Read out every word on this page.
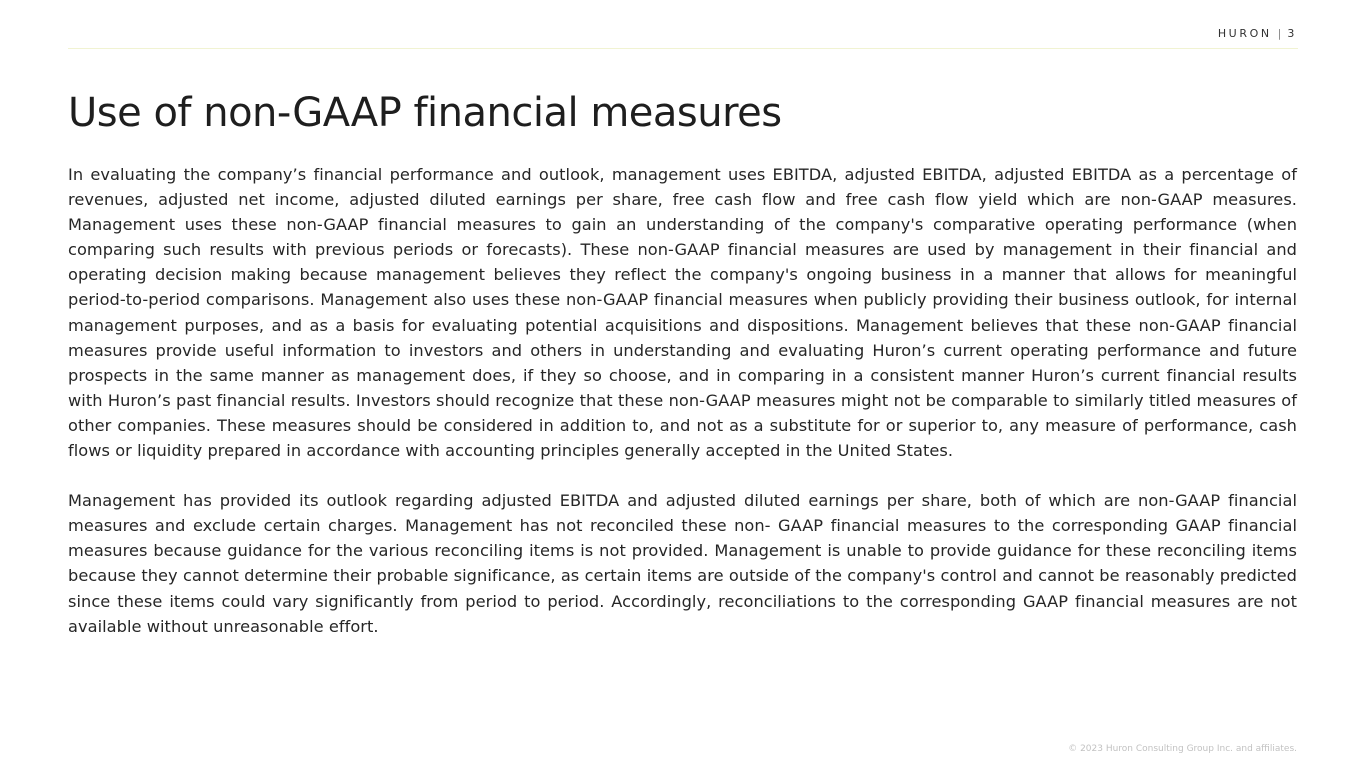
HURON | 3
Use of non-GAAP financial measures

In evaluating the company’s financial performance and outlook, management uses EBITDA, adjusted EBITDA, adjusted EBITDA as a percentage of revenues, adjusted net income, adjusted diluted earnings per share, free cash flow and free cash flow yield which are non-GAAP measures. Management uses these non-GAAP financial measures to gain an understanding of the company's comparative operating performance (when comparing such results with previous periods or forecasts). These non-GAAP financial measures are used by management in their financial and operating decision making because management believes they reflect the company's ongoing business in a manner that allows for meaningful period-to-period comparisons. Management also uses these non-GAAP financial measures when publicly providing their business outlook, for internal management purposes, and as a basis for evaluating potential acquisitions and dispositions. Management believes that these non-GAAP financial measures provide useful information to investors and others in understanding and evaluating Huron’s current operating performance and future prospects in the same manner as management does, if they so choose, and in comparing in a consistent manner Huron’s current financial results with Huron’s past financial results. Investors should recognize that these non-GAAP measures might not be comparable to similarly titled measures of other companies. These measures should be considered in addition to, and not as a substitute for or superior to, any measure of performance, cash flows or liquidity prepared in accordance with accounting principles generally accepted in the United States.

Management has provided its outlook regarding adjusted EBITDA and adjusted diluted earnings per share, both of which are non-GAAP financial measures and exclude certain charges. Management has not reconciled these non- GAAP financial measures to the corresponding GAAP financial measures because guidance for the various reconciling items is not provided. Management is unable to provide guidance for these reconciling items because they cannot determine their probable significance, as certain items are outside of the company's control and cannot be reasonably predicted since these items could vary significantly from period to period. Accordingly, reconciliations to the corresponding GAAP financial measures are not available without unreasonable effort.

© 2023 Huron Consulting Group Inc. and affiliates.
